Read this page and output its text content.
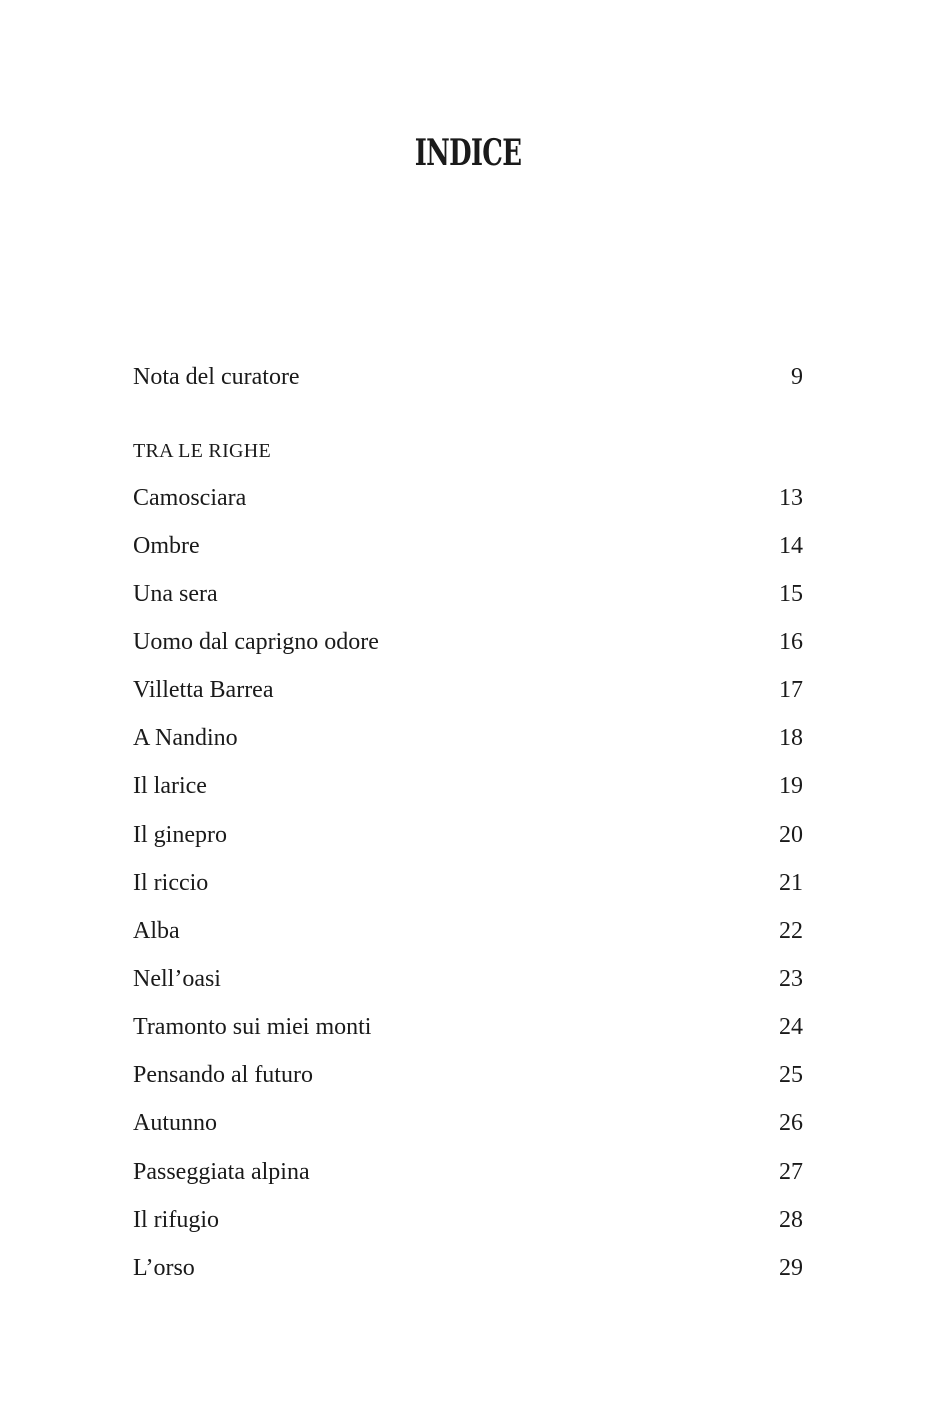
INDICE
Nota del curatore	9
TRA LE RIGHE
Camosciara	13
Ombre	14
Una sera	15
Uomo dal caprigno odore	16
Villetta Barrea	17
A Nandino	18
Il larice	19
Il ginepro	20
Il riccio	21
Alba	22
Nell’oasi	23
Tramonto sui miei monti	24
Pensando al futuro	25
Autunno	26
Passeggiata alpina	27
Il rifugio	28
L’orso	29
